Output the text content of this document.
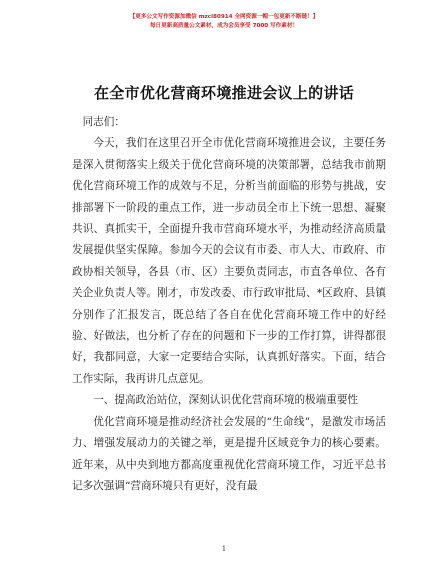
【更多公文写作资源加微信 mzcl80914 全网资源一帽一包更新不断链！】
每日更新高质量公文素材，成为会员享受 7000 写作素材！
在全市优化营商环境推进会议上的讲话

同志们：

今天，我们在这里召开全市优化营商环境推进会议，主要任务是深入贯彻落实上级关于优化营商环境的决策部署，总结我市前期优化营商环境工作的成效与不足，分析当前面临的形势与挑战，安排部署下一阶段的重点工作，进一步动员全市上下统一思想、凝聚共识、真抓实干，全面提升我市营商环境水平，为推动经济高质量发展提供坚实保障。参加今天的会议有市委、市人大、市政府、市政协相关领导，各县（市、区）主要负责同志，市直各单位、各有关企业负责人等。刚才，市发改委、市行政审批局、*区政府、县镇分别作了汇报发言，既总结了各自在优化营商环境工作中的好经验、好做法，也分析了存在的问题和下一步的工作打算，讲得都很好，我都同意，大家一定要结合实际，认真抓好落实。下面，结合工作实际，我再讲几点意见。

一、提高政治站位，深刻认识优化营商环境的极端重要性

优化营商环境是推动经济社会发展的“生命线”，是激发市场活力、增强发展动力的关键之举，更是提升区域竞争力的核心要素。近年来，从中央到地方都高度重视优化营商环境工作，习近平总书记多次强调“营商环境只有更好，没有最

1
